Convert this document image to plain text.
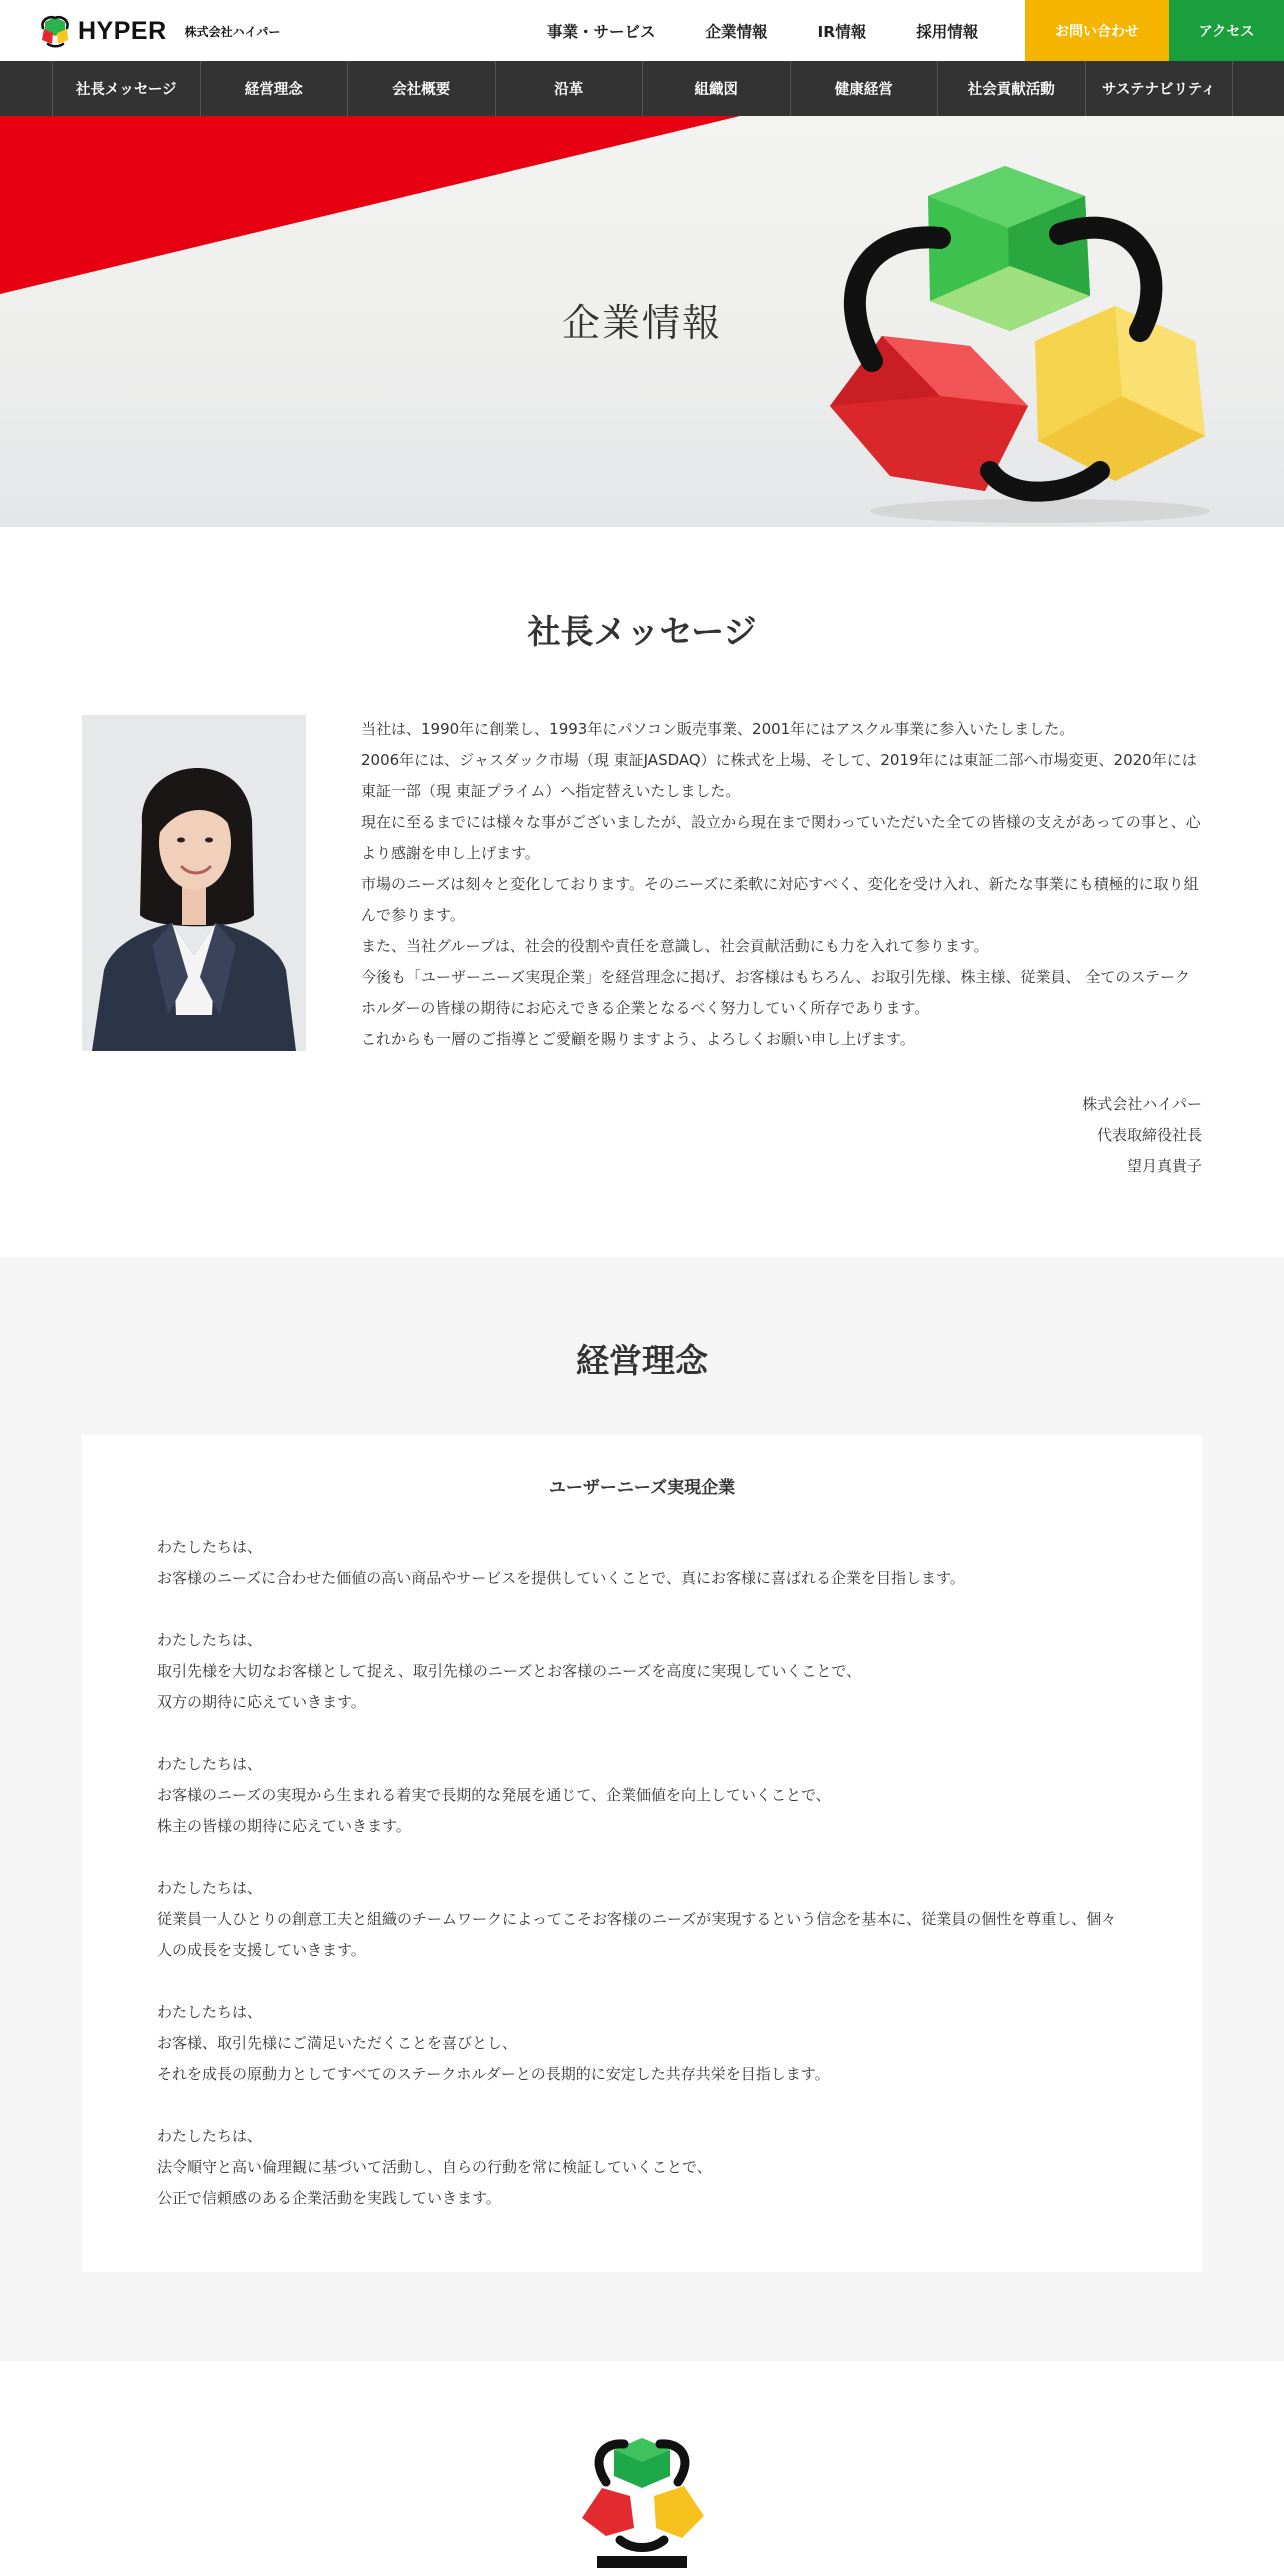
HYPER 株式会社ハイパー	事業・サービス	企業情報	IR情報	採用情報	お問い合わせ	アクセス
社長メッセージ	経営理念	会社概要	沿革	組織図	健康経営	社会貢献活動	サステナビリティ
企業情報
社長メッセージ

当社は、1990年に創業し、1993年にパソコン販売事業、2001年にはアスクル事業に参入いたしました。

2006年には、ジャスダック市場（現 東証JASDAQ）に株式を上場、そして、2019年には東証二部へ市場変更、2020年には東証一部（現 東証プライム）へ指定替えいたしました。

現在に至るまでには様々な事がございましたが、設立から現在まで関わっていただいた全ての皆様の支えがあっての事と、心より感謝を申し上げます。

市場のニーズは刻々と変化しております。そのニーズに柔軟に対応すべく、変化を受け入れ、新たな事業にも積極的に取り組んで参ります。

また、当社グループは、社会的役割や責任を意識し、社会貢献活動にも力を入れて参ります。

今後も「ユーザーニーズ実現企業」を経営理念に掲げ、お客様はもちろん、お取引先様、株主様、従業員、 全てのステークホルダーの皆様の期待にお応えできる企業となるべく努力していく所存であります。

これからも一層のご指導とご愛顧を賜りますよう、よろしくお願い申し上げます。

株式会社ハイパー
代表取締役社長
望月真貴子
経営理念
ユーザーニーズ実現企業
わたしたちは、
お客様のニーズに合わせた価値の高い商品やサービスを提供していくことで、真にお客様に喜ばれる企業を目指します。
わたしたちは、
取引先様を大切なお客様として捉え、取引先様のニーズとお客様のニーズを高度に実現していくことで、
双方の期待に応えていきます。
わたしたちは、
お客様のニーズの実現から生まれる着実で長期的な発展を通じて、企業価値を向上していくことで、
株主の皆様の期待に応えていきます。
わたしたちは、
従業員一人ひとりの創意工夫と組織のチームワークによってこそお客様のニーズが実現するという信念を基本に、従業員の個性を尊重し、個々人の成長を支援していきます。
わたしたちは、
お客様、取引先様にご満足いただくことを喜びとし、
それを成長の原動力としてすべてのステークホルダーとの長期的に安定した共存共栄を目指します。
わたしたちは、
法令順守と高い倫理観に基づいて活動し、自らの行動を常に検証していくことで、
公正で信頼感のある企業活動を実践していきます。
